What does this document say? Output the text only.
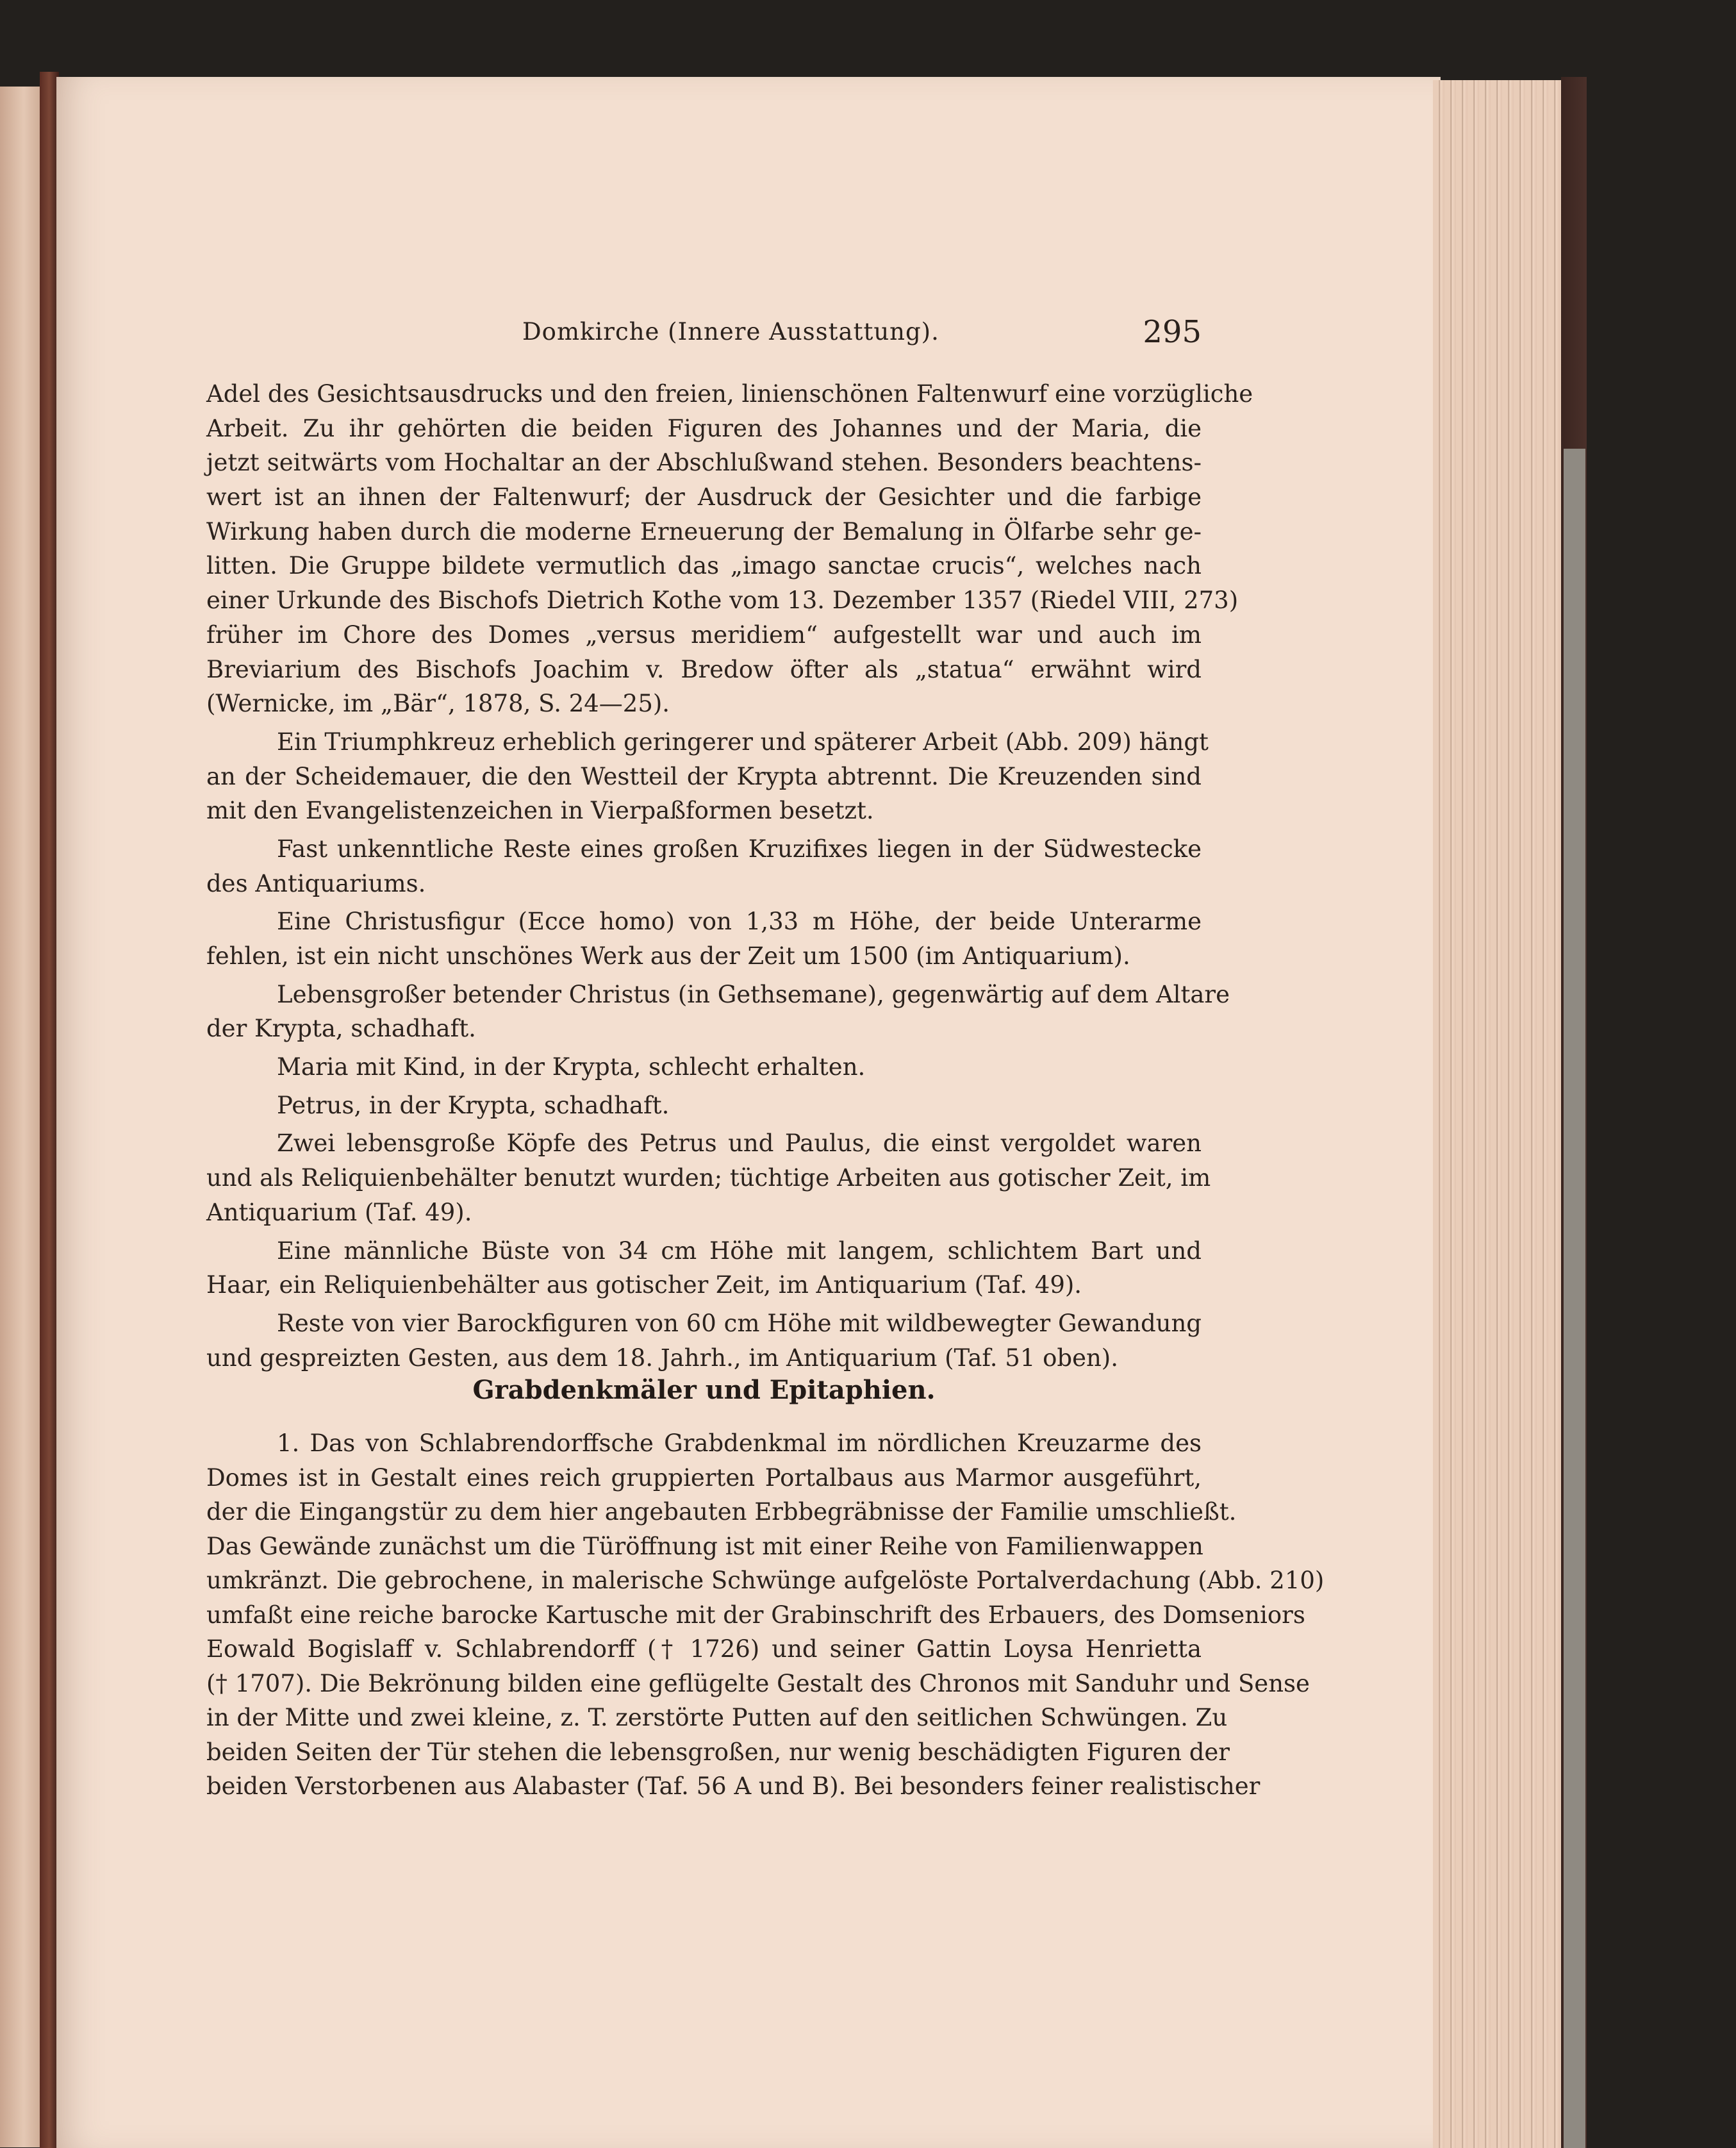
Domkirche (Innere Ausstattung).	295
Adel des Gesichtsausdrucks und den freien, linienschönen Faltenwurf eine vorzügliche
Arbeit. Zu ihr gehörten die beiden Figuren des Johannes und der Maria, die
jetzt seitwärts vom Hochaltar an der Abschlußwand stehen. Besonders beachtens-
wert ist an ihnen der Faltenwurf; der Ausdruck der Gesichter und die farbige
Wirkung haben durch die moderne Erneuerung der Bemalung in Ölfarbe sehr ge-
litten. Die Gruppe bildete vermutlich das „imago sanctae crucis“, welches nach
einer Urkunde des Bischofs Dietrich Kothe vom 13. Dezember 1357 (Riedel VIII, 273)
früher im Chore des Domes „versus meridiem“ aufgestellt war und auch im
Breviarium des Bischofs Joachim v. Bredow öfter als „statua“ erwähnt wird
(Wernicke, im „Bär“, 1878, S. 24—25).
Ein Triumphkreuz erheblich geringerer und späterer Arbeit (Abb. 209) hängt
an der Scheidemauer, die den Westteil der Krypta abtrennt. Die Kreuzenden sind
mit den Evangelistenzeichen in Vierpaßformen besetzt.
Fast unkenntliche Reste eines großen Kruzifixes liegen in der Südwestecke
des Antiquariums.
Eine Christusfigur (Ecce homo) von 1,33 m Höhe, der beide Unterarme
fehlen, ist ein nicht unschönes Werk aus der Zeit um 1500 (im Antiquarium).
Lebensgroßer betender Christus (in Gethsemane), gegenwärtig auf dem Altare
der Krypta, schadhaft.
Maria mit Kind, in der Krypta, schlecht erhalten.
Petrus, in der Krypta, schadhaft.
Zwei lebensgroße Köpfe des Petrus und Paulus, die einst vergoldet waren
und als Reliquienbehälter benutzt wurden; tüchtige Arbeiten aus gotischer Zeit, im
Antiquarium (Taf. 49).
Eine männliche Büste von 34 cm Höhe mit langem, schlichtem Bart und
Haar, ein Reliquienbehälter aus gotischer Zeit, im Antiquarium (Taf. 49).
Reste von vier Barockfiguren von 60 cm Höhe mit wildbewegter Gewandung
und gespreizten Gesten, aus dem 18. Jahrh., im Antiquarium (Taf. 51 oben).
Grabdenkmäler und Epitaphien.
1. Das von Schlabrendorffsche Grabdenkmal im nördlichen Kreuzarme des
Domes ist in Gestalt eines reich gruppierten Portalbaus aus Marmor ausgeführt,
der die Eingangstür zu dem hier angebauten Erbbegräbnisse der Familie umschließt.
Das Gewände zunächst um die Türöffnung ist mit einer Reihe von Familienwappen
umkränzt. Die gebrochene, in malerische Schwünge aufgelöste Portalverdachung (Abb. 210)
umfaßt eine reiche barocke Kartusche mit der Grabinschrift des Erbauers, des Domseniors
Eowald Bogislaff v. Schlabrendorff († 1726) und seiner Gattin Loysa Henrietta
(† 1707). Die Bekrönung bilden eine geflügelte Gestalt des Chronos mit Sanduhr und Sense
in der Mitte und zwei kleine, z. T. zerstörte Putten auf den seitlichen Schwüngen. Zu
beiden Seiten der Tür stehen die lebensgroßen, nur wenig beschädigten Figuren der
beiden Verstorbenen aus Alabaster (Taf. 56 A und B). Bei besonders feiner realistischer
